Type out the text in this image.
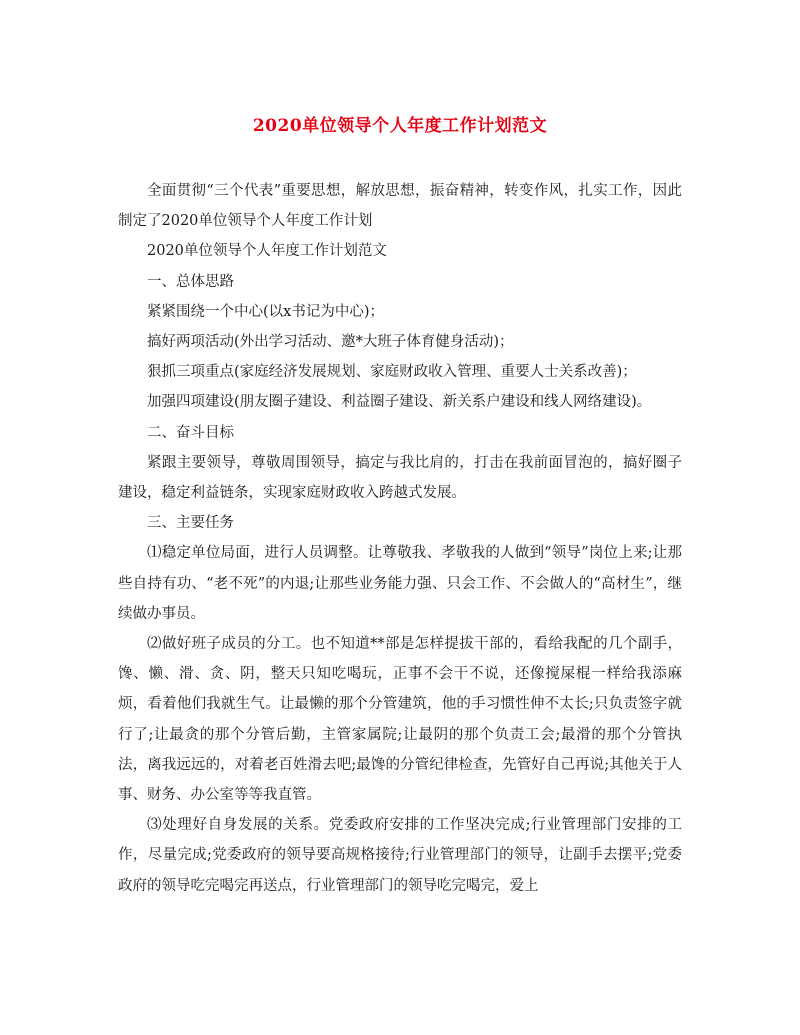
2020单位领导个人年度工作计划范文

全面贯彻“三个代表”重要思想，解放思想，振奋精神，转变作风，扎实工作，因此制定了2020单位领导个人年度工作计划

2020单位领导个人年度工作计划范文

一、总体思路

紧紧围绕一个中心(以x书记为中心)；

搞好两项活动(外出学习活动、邀*大班子体育健身活动)；

狠抓三项重点(家庭经济发展规划、家庭财政收入管理、重要人士关系改善)；

加强四项建设(朋友圈子建设、利益圈子建设、新关系户建设和线人网络建设)。

二、奋斗目标

紧跟主要领导，尊敬周围领导，搞定与我比肩的，打击在我前面冒泡的，搞好圈子建设，稳定利益链条，实现家庭财政收入跨越式发展。

三、主要任务

⑴稳定单位局面，进行人员调整。让尊敬我、孝敬我的人做到“领导”岗位上来;让那些自持有功、“老不死”的内退;让那些业务能力强、只会工作、不会做人的“高材生”，继续做办事员。

⑵做好班子成员的分工。也不知道**部是怎样提拔干部的，看给我配的几个副手，馋、懒、滑、贪、阴，整天只知吃喝玩，正事不会干不说，还像搅屎棍一样给我添麻烦，看着他们我就生气。让最懒的那个分管建筑，他的手习惯性伸不太长;只负责签字就行了;让最贪的那个分管后勤，主管家属院;让最阴的那个负责工会;最滑的那个分管执法，离我远远的，对着老百姓滑去吧;最馋的分管纪律检查，先管好自己再说;其他关于人事、财务、办公室等等我直管。

⑶处理好自身发展的关系。党委政府安排的工作坚决完成;行业管理部门安排的工作，尽量完成;党委政府的领导要高规格接待;行业管理部门的领导，让副手去摆平;党委政府的领导吃完喝完再送点，行业管理部门的领导吃完喝完，爱上
